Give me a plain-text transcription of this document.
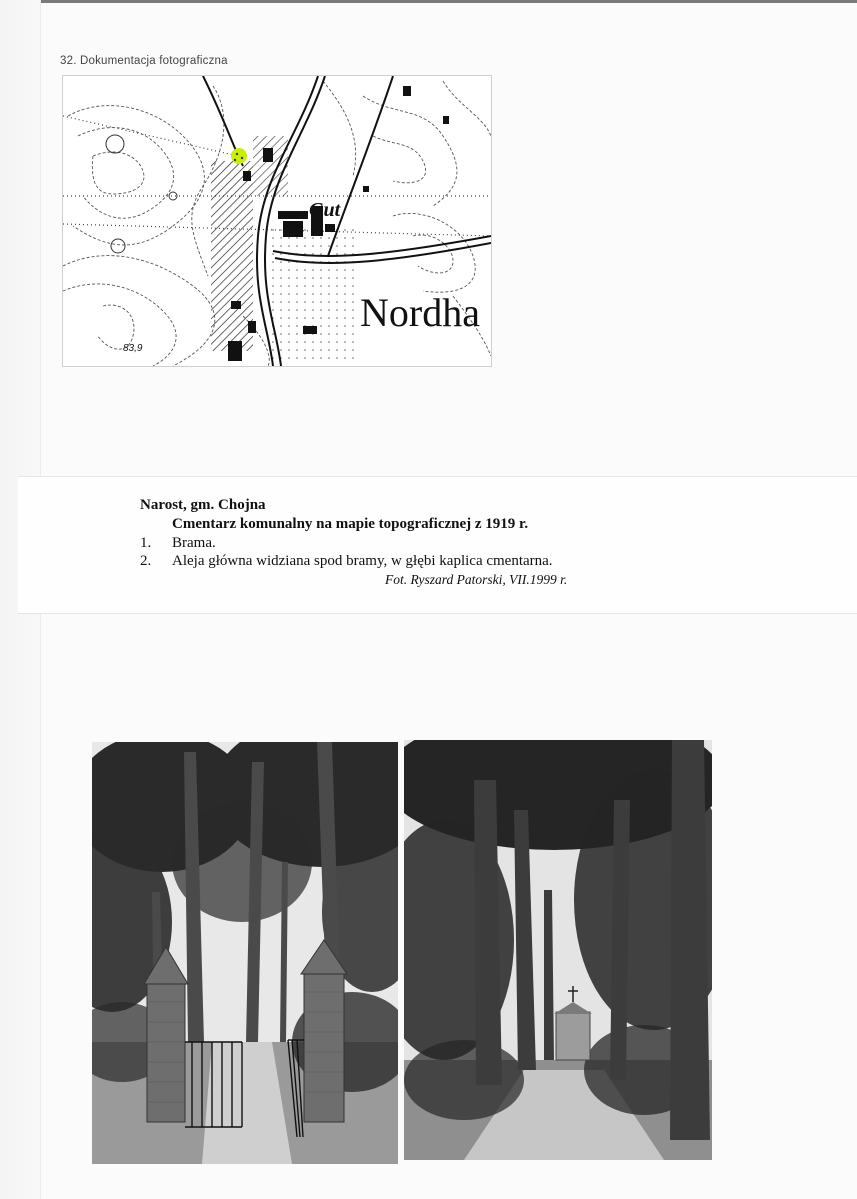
32. Dokumentacja fotograficzna
Gut
Nordha
83,9
Narost, gm. Chojna
Cmentarz komunalny na mapie topograficznej z 1919 r.
1. Brama.
2. Aleja główna widziana spod bramy, w głębi kaplica cmentarna.
Fot. Ryszard Patorski, VII.1999 r.
